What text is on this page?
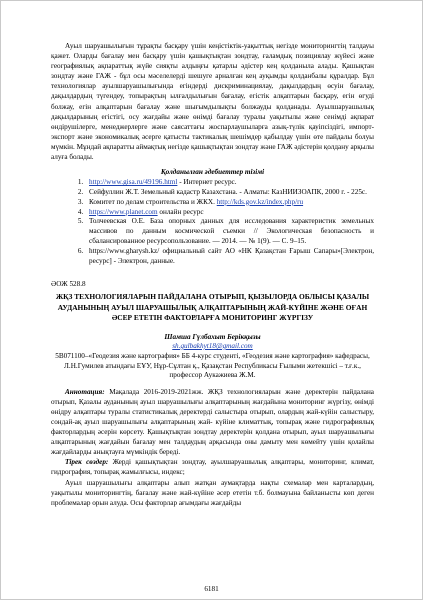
Ауыл шаруашылығын тұрақты басқару үшін кеңістіктік-уақыттық негізде мониторингтің талдауы қажет. Оларды бағалау мен басқару үшін қашықтықтан зондтау, ғаламдық позициялау жүйесі және географиялық ақпараттық жүйе сияқты алдыңғы қатарлы әдістер кең қолданыла алады. Қашықтан зондтау және ГАЖ - бұл осы мәселелерді шешуге арналған кең ауқымды қолданбалы құралдар. Бұл технологиялар ауылшаруашылығында егіндерді дискриминациялау, дақылдардың өсуін бағалау, дақылдардың түгендеу, топырақтың ылғалдылығын бағалау, егістік алқаптарын басқару, егін өгуді болжау, егін алқаптарын бағалау және шығымдылықты болжауды қолданады. Ауылшаруашылық дақылдарының егістігі, осу жағдайы және өнімді бағалау туралы уақытылы және сенімді ақпарат өндірушілерге, менеджерлерге және саясаттағы жоспарлаушыларға азық-түлік қауіпсіздігі, импорт-экспорт және экономикалық әсерге қатысты тактикалық шешімдер қабылдау үшін өте пайдалы болуы мүмкін. Мұндай ақпаратты аймақтық негізде қашықтықтан зондтау және ГАЖ әдістерін қолдану арқылы алуға болады.

Қолданылған әдебиеттер тізімі
1. http://www.gisa.ru/49196.html - Интернет ресурс.
2. Сейфуллин Ж.Т. Земельный кадастр Казахстана. - Алматы: КазНИИЗОАПК, 2000 г. - 225с.
3. Комитет по делам строительства и ЖКХ. http://kds.gov.kz/index.php/ru
4. https://www.planet.com онлайн ресурс
5. Толчеевская О.Е. База опорных данных для исследования характеристик земельных массивов по данным космической съемки // Экологическая безопасность и сбалансированное ресурсопользование. — 2014. — № 1(9). — С. 9–15.
6. https://www.gharysh.kz/ официальный сайт АО «НК Қазақстан Ғарыш Сапары»[Электрон, ресурс] - Электрон, данные.
ӘОЖ 528.8
ЖҚЗ ТЕХНОЛОГИЯЛАРЫН ПАЙДАЛАНА ОТЫРЫП, ҚЫЗЫЛОРДА ОБЛЫСЫ ҚАЗАЛЫ АУДАНЫНЫҢ АУЫЛ ШАРУАШЫЛЫҚ АЛҚАПТАРЫНЫҢ ЖАЙ-КҮЙІНЕ ЖӘНЕ ОҒАН ӘСЕР ЕТЕТІН ФАКТОРЛАРҒА МОНИТОРИНГ ЖҮРГІЗУ
Шамша Гүлбахыт Берікқызы
sh.gulbakhyt18@gmail.com
5В071100–«Геодезия және картография» ББ 4-курс студенті, «Геодезия және картография» кафедрасы, Л.Н.Гумилев атындағы ЕҰУ, Нұр-Сұлтан қ., Қазақстан Республикасы Ғылыми жетекшісі – т.ғ.к., профессор Аукажиева Ж.М.

Аннотация: Мақалада 2016-2019-2021жж. ЖҚЗ технологияларын және деректерін пайдалана отырып, Қазалы ауданының ауыл шаруашылығы алқаптарының жағдайына мониторинг жүргізу, өнімді өнідру алқаптары туралы статистикалық деректерді салыстыра отырып, олардың жай-күйін салыстыру, сондай-ақ ауыл шаруашылығы алқаптарының жай- күйіне климаттық, топырақ және гидрографиялық факторлардың әсерін көрсету. Қашықтықтан зондтау деректерін қолдана отырып, ауыл шаруашылығы алқаптарының жағдайын бағалау мен талдаудың арқасында оны дамыту мен көмейту үшін қолайлы жағдайларды анықтауға мүмкіндік береді.

Тірек сөздер: Жерді қашықтықтан зондтау, ауылшаруашылық алқаптары, мониторинг, климат, гидрография, топырақ жамылғысы, индекс;

Ауыл шаруашылығы алқаптары алып жатқан аумақтарда нақты схемалар мен карталардың, уақытылы мониторингтің, бағалау және жай-күйіне әсер ететін т.б. болмауына байланысты көп деген проблемалар орын алуда. Осы факторлар ағымдағы жағдайды

6181
